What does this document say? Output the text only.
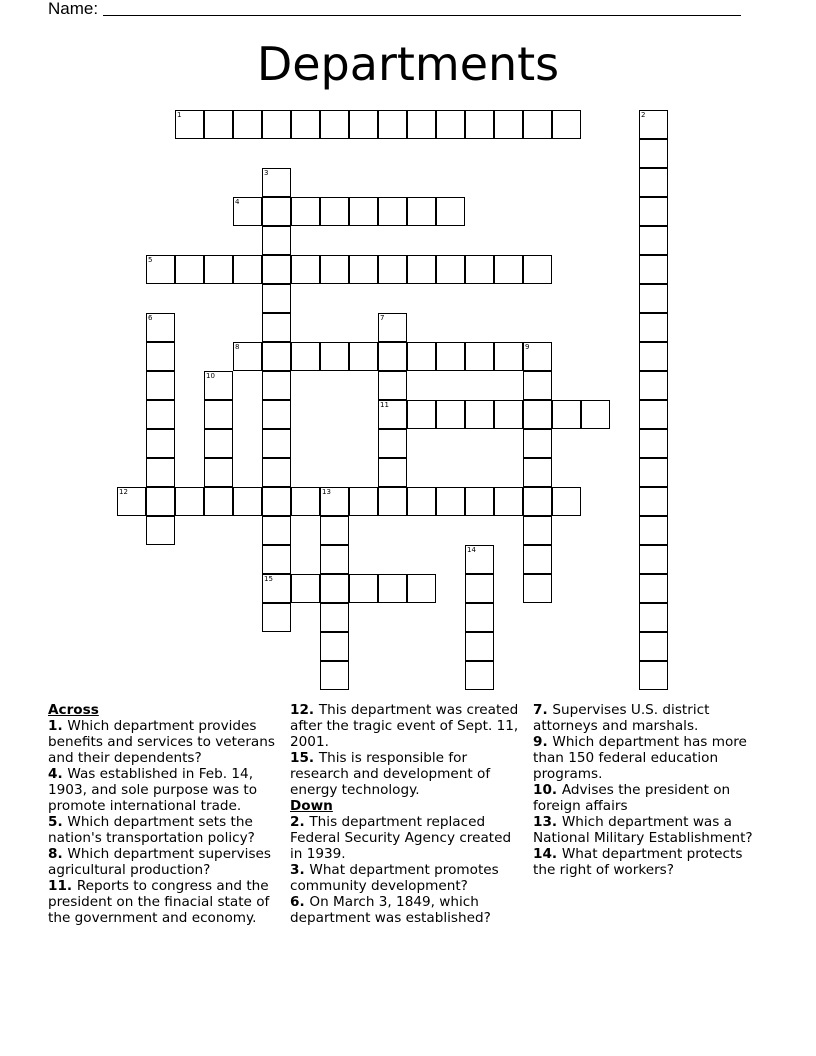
Name:
Departments
1
4
5
8	9
11
12	13
15
2
3
6	7
10
14
Across
1. Which department provides benefits and services to veterans and their dependents?
4. Was established in Feb. 14, 1903, and sole purpose was to promote international trade.
5. Which department sets the nation's transportation policy?
8. Which department supervises agricultural production?
11. Reports to congress and the president on the finacial state of the government and economy.
12. This department was created after the tragic event of Sept. 11, 2001.
15. This is responsible for research and development of energy technology.
Down
2. This department replaced Federal Security Agency created in 1939.
3. What department promotes community development?
6. On March 3, 1849, which department was established?
7. Supervises U.S. district attorneys and marshals.
9. Which department has more than 150 federal education programs.
10. Advises the president on foreign affairs
13. Which department was a National Military Establishment?
14. What department protects the right of workers?
